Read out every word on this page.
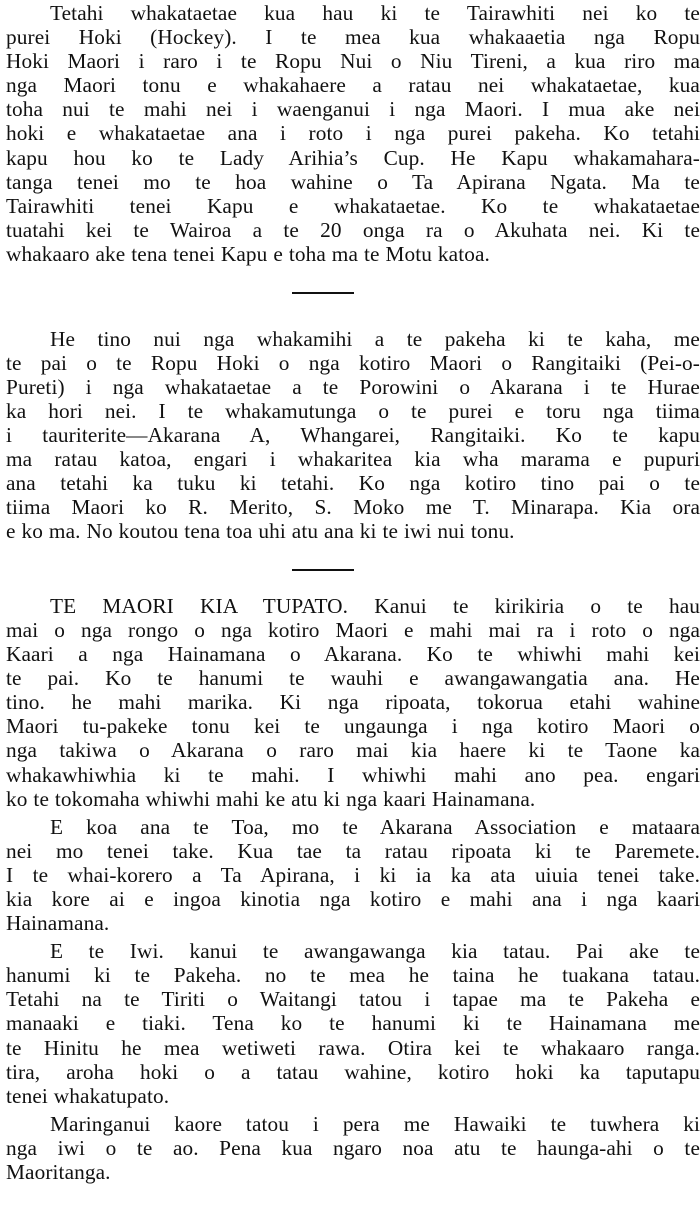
Tetahi whakataetae kua hau ki te Tairawhiti nei ko te
purei Hoki (Hockey). I te mea kua whakaaetia nga Ropu
Hoki Maori i raro i te Ropu Nui o Niu Tireni, a kua riro ma
nga Maori tonu e whakahaere a ratau nei whakataetae, kua
toha nui te mahi nei i waenganui i nga Maori. I mua ake nei
hoki e whakataetae ana i roto i nga purei pakeha. Ko tetahi
kapu hou ko te Lady Arihia’s Cup. He Kapu whakamahara-
tanga tenei mo te hoa wahine o Ta Apirana Ngata. Ma te
Tairawhiti tenei Kapu e whakataetae. Ko te whakataetae
tuatahi kei te Wairoa a te 20 onga ra o Akuhata nei. Ki te
whakaaro ake tena tenei Kapu e toha ma te Motu katoa.
He tino nui nga whakamihi a te pakeha ki te kaha, me
te pai o te Ropu Hoki o nga kotiro Maori o Rangitaiki (Pei-o-
Pureti) i nga whakataetae a te Porowini o Akarana i te Hurae
ka hori nei. I te whakamutunga o te purei e toru nga tiima
i tauriterite—Akarana A, Whangarei, Rangitaiki. Ko te kapu
ma ratau katoa, engari i whakaritea kia wha marama e pupuri
ana tetahi ka tuku ki tetahi. Ko nga kotiro tino pai o te
tiima Maori ko R. Merito, S. Moko me T. Minarapa. Kia ora
e ko ma. No koutou tena toa uhi atu ana ki te iwi nui tonu.
TE MAORI KIA TUPATO. Kanui te kirikiria o te hau
mai o nga rongo o nga kotiro Maori e mahi mai ra i roto o nga
Kaari a nga Hainamana o Akarana. Ko te whiwhi mahi kei
te pai. Ko te hanumi te wauhi e awangawangatia ana. He
tino. he mahi marika. Ki nga ripoata, tokorua etahi wahine
Maori tu-pakeke tonu kei te ungaunga i nga kotiro Maori o
nga takiwa o Akarana o raro mai kia haere ki te Taone ka
whakawhiwhia ki te mahi. I whiwhi mahi ano pea. engari
ko te tokomaha whiwhi mahi ke atu ki nga kaari Hainamana.
E koa ana te Toa, mo te Akarana Association e mataara
nei mo tenei take. Kua tae ta ratau ripoata ki te Paremete.
I te whai-korero a Ta Apirana, i ki ia ka ata uiuia tenei take.
kia kore ai e ingoa kinotia nga kotiro e mahi ana i nga kaari
Hainamana.
E te Iwi. kanui te awangawanga kia tatau. Pai ake te
hanumi ki te Pakeha. no te mea he taina he tuakana tatau.
Tetahi na te Tiriti o Waitangi tatou i tapae ma te Pakeha e
manaaki e tiaki. Tena ko te hanumi ki te Hainamana me
te Hinitu he mea wetiweti rawa. Otira kei te whakaaro ranga.
tira, aroha hoki o a tatau wahine, kotiro hoki ka taputapu
tenei whakatupato.
Maringanui kaore tatou i pera me Hawaiki te tuwhera ki
nga iwi o te ao. Pena kua ngaro noa atu te haunga-ahi o te
Maoritanga.
